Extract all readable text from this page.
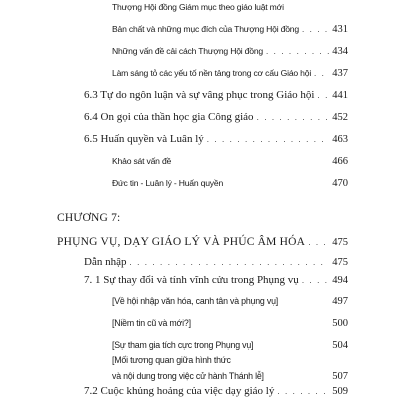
Thượng Hội đồng Giám mục theo giáo luật mới
Bản chất và những mục đích của Thượng Hội đồng . . .	431
Những vấn đề cải cách Thượng Hội đồng . . .	434
Làm sáng tỏ các yếu tố nền tảng trong cơ cấu Giáo hội . . . 437
6.3 Tự do ngôn luận và sự vâng phục trong Giáo hội . . . 441
6.4 On gọi của thần học gia Công giáo . . .	452
6.5 Huấn quyền và Luân lý . . .	463
Khảo sát vấn đề	466
Đức tin - Luân lý - Huấn quyền	470
CHƯƠNG 7:
PHỤNG VỤ, DẠY GIÁO LÝ VÀ PHÚC ÂM HÓA . . .	475
Dẫn nhập . . .	475
7. 1 Sự thay đổi và tính vĩnh cửu trong Phụng vụ . . .	494
[Về hội nhập văn hóa, canh tân và phụng vụ]	497
[Niềm tin cũ và mới?]	500
[Sự tham gia tích cực trong Phụng vụ]	504
[Mối tương quan giữa hình thức
và nội dung trong việc cử hành Thánh lễ]	507
7.2 Cuộc khủng hoảng của việc dạy giáo lý . . .	509
